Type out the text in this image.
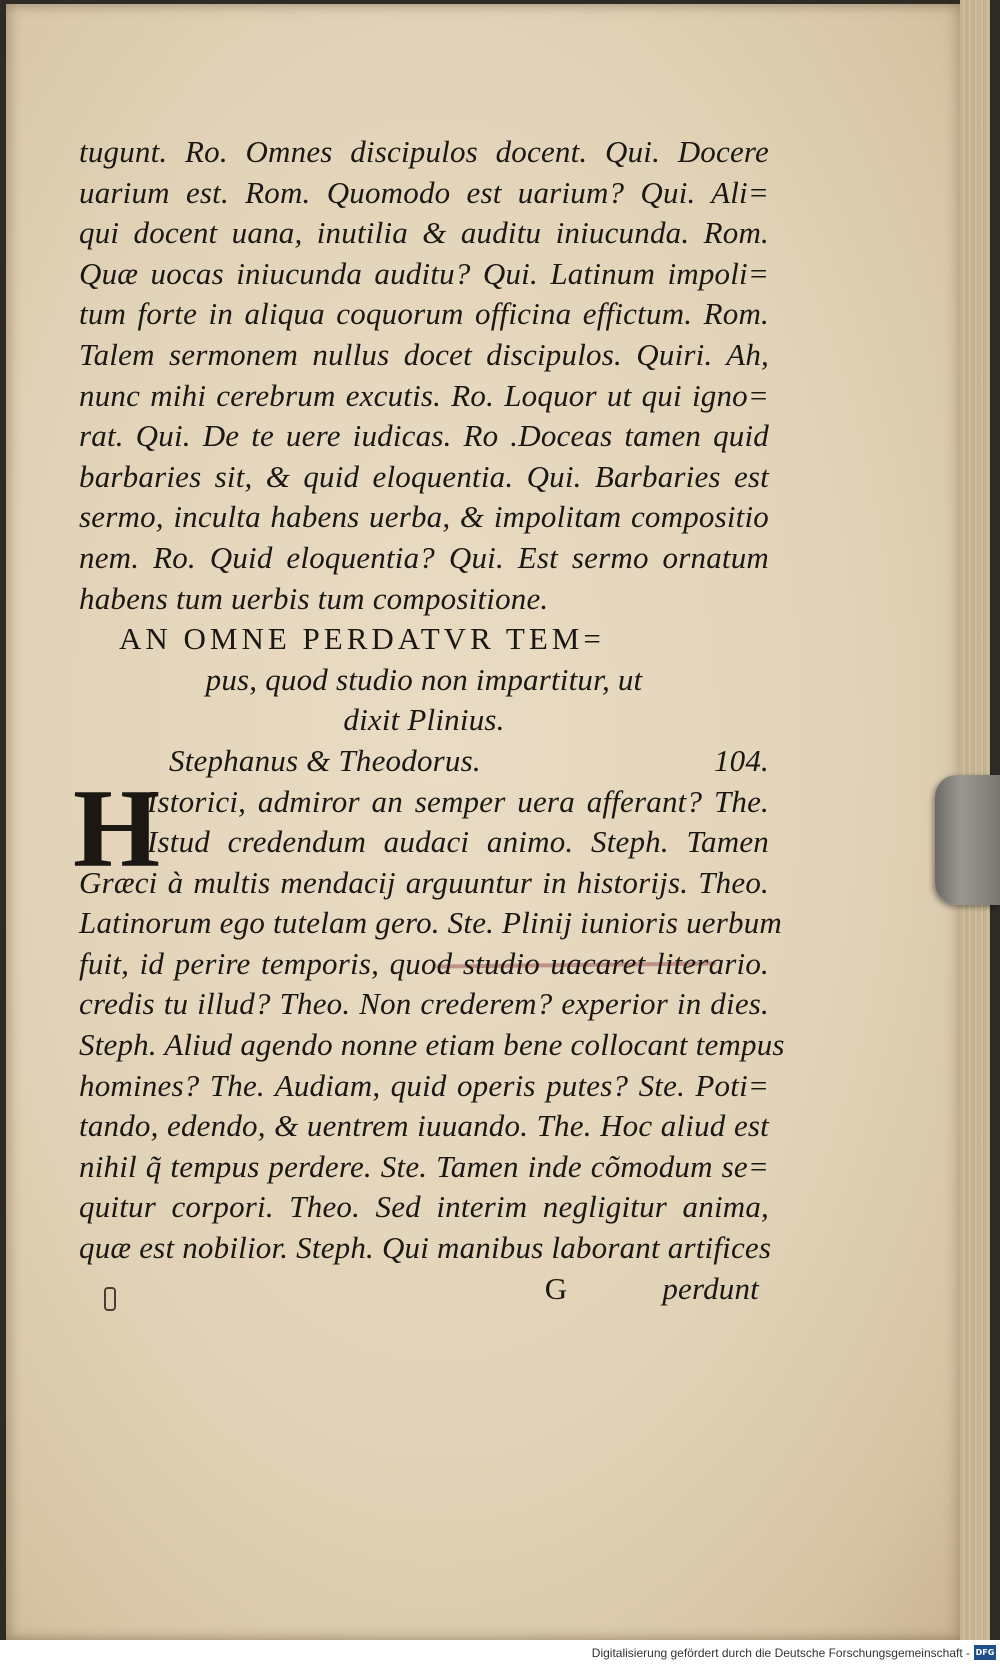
tugunt. Ro. Omnes discipulos docent. Qui. Docere
uarium est. Rom. Quomodo est uarium? Qui. Ali=
qui docent uana, inutilia & auditu iniucunda. Rom.
Quæ uocas iniucunda auditu? Qui. Latinum impoli=
tum forte in aliqua coquorum officina effictum. Rom.
Talem sermonem nullus docet discipulos. Quiri. Ah,
nunc mihi cerebrum excutis. Ro. Loquor ut qui igno=
rat. Qui. De te uere iudicas. Ro .Doceas tamen quid
barbaries sit, & quid eloquentia. Qui. Barbaries est
sermo, inculta habens uerba, & impolitam compositio
nem. Ro. Quid eloquentia? Qui. Est sermo ornatum
habens tum uerbis tum compositione.
AN OMNE PERDATVR TEM=
pus, quod studio non impartitur, ut
dixit Plinius.
Stephanus & Theodorus.	104.
H
Istorici, admiror an semper uera afferant? The.
Istud credendum audaci animo. Steph. Tamen
Græci à multis mendacij arguuntur in historijs. Theo.
Latinorum ego tutelam gero. Ste. Plinij iunioris uerbum
fuit, id perire temporis, quod studio uacaret literario.
credis tu illud? Theo. Non crederem? experior in dies.
Steph. Aliud agendo nonne etiam bene collocant tempus
homines? The. Audiam, quid operis putes? Ste. Poti=
tando, edendo, & uentrem iuuando. The. Hoc aliud est
nihil q̃ tempus perdere. Ste. Tamen inde cõmodum se=
quitur corpori. Theo. Sed interim negligitur anima,
quæ est nobilior. Steph. Qui manibus laborant artifices
G	perdunt
Digitalisierung gefördert durch die Deutsche Forschungsgemeinschaft - DFG
